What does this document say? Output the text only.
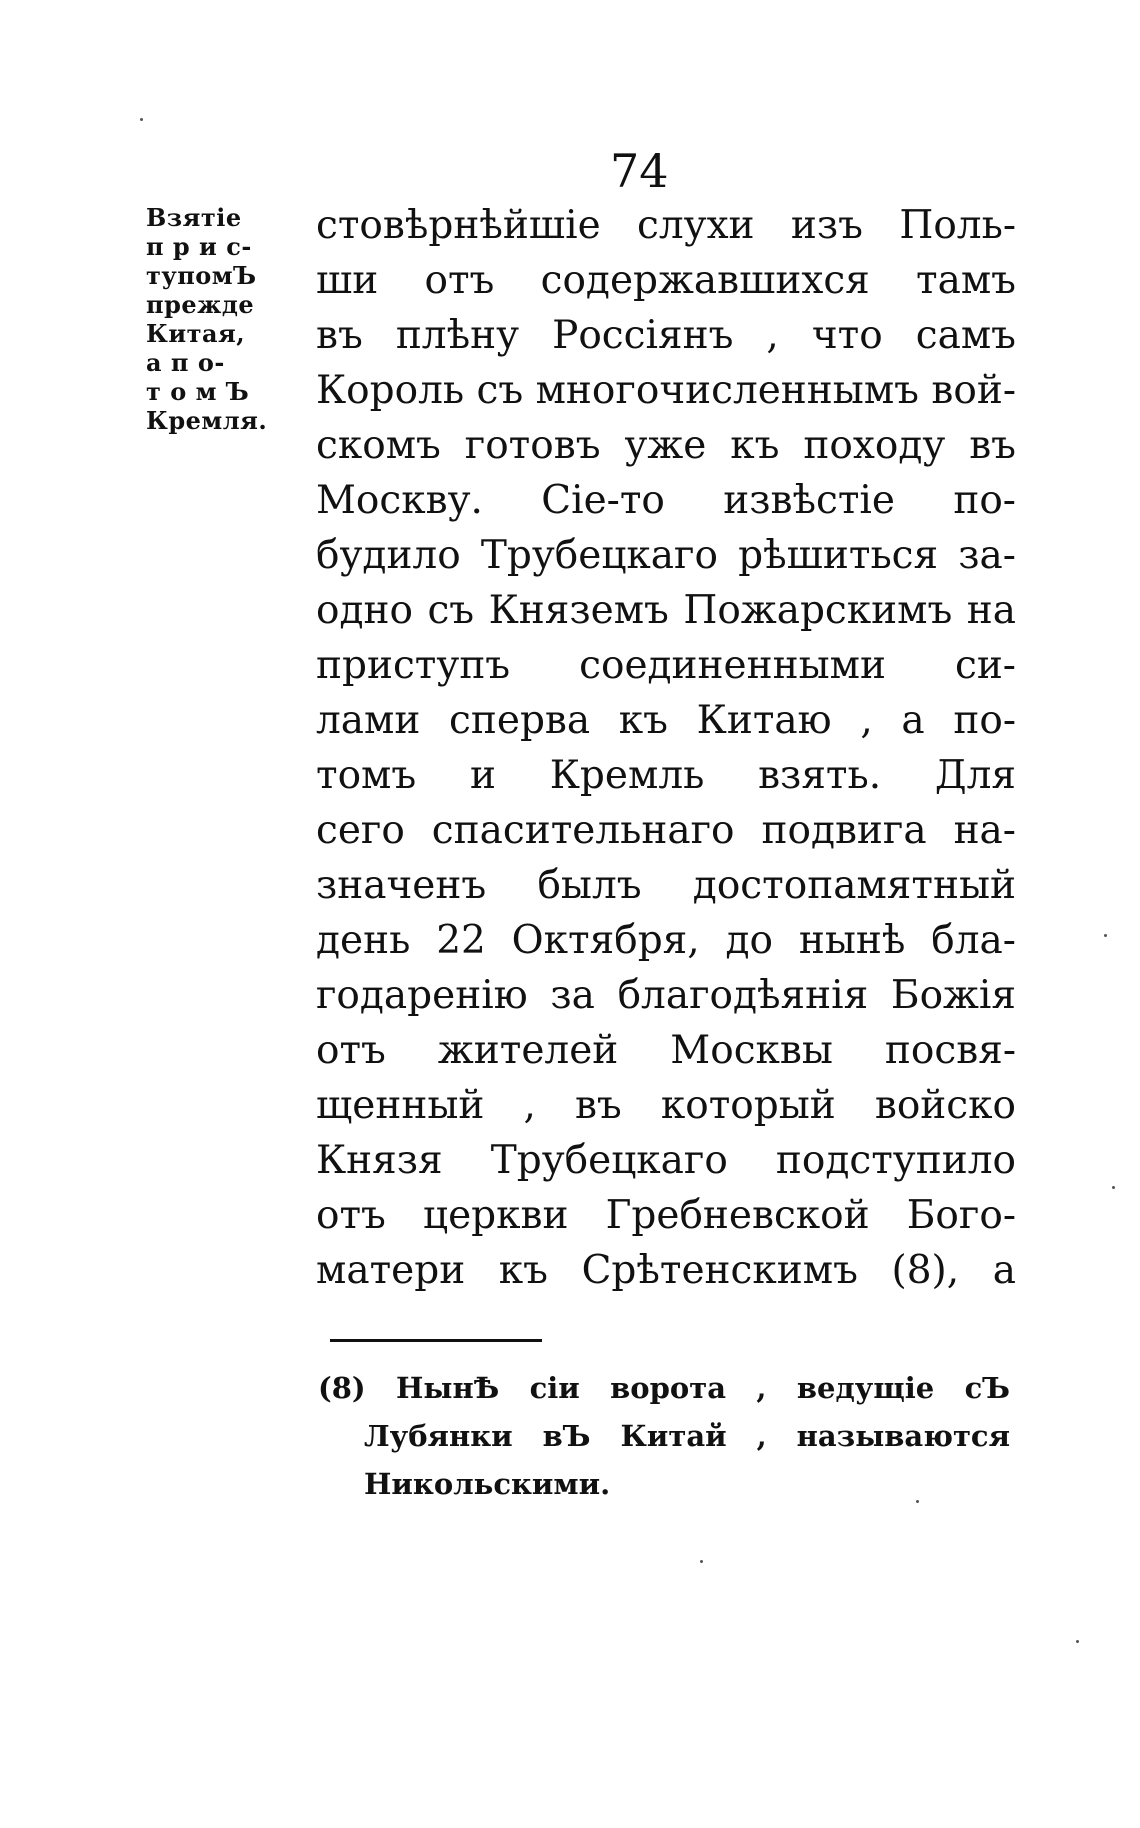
74
Взятіе
п р и с-
тупомЪ
прежде
Китая,
а п о-
т о м Ъ
Кремля.
стовѣрнѣйшіе слухи изъ Поль-
ши отъ содержавшихся тамъ
въ плѣну Россіянъ , что самъ
Король съ многочисленнымъ вой-
скомъ готовъ уже къ походу въ
Москву. Сіе-то извѣстіе по-
будило Трубецкаго рѣшиться за-
одно съ Княземъ Пожарскимъ на
приступъ соединенными си-
лами сперва къ Китаю , а по-
томъ и Кремль взять. Для
сего спасительнаго подвига на-
значенъ былъ достопамятный
день 22 Октября, до нынѣ бла-
годаренію за благодѣянія Божія
отъ жителей Москвы посвя-
щенный , въ который войско
Князя Трубецкаго подступило
отъ церкви Гребневской Бого-
матери къ Срѣтенскимъ (8), а
(8) НынѢ сіи ворота , ведущіе сЪ
Лубянки вЪ Китай , называются
Никольскими.
